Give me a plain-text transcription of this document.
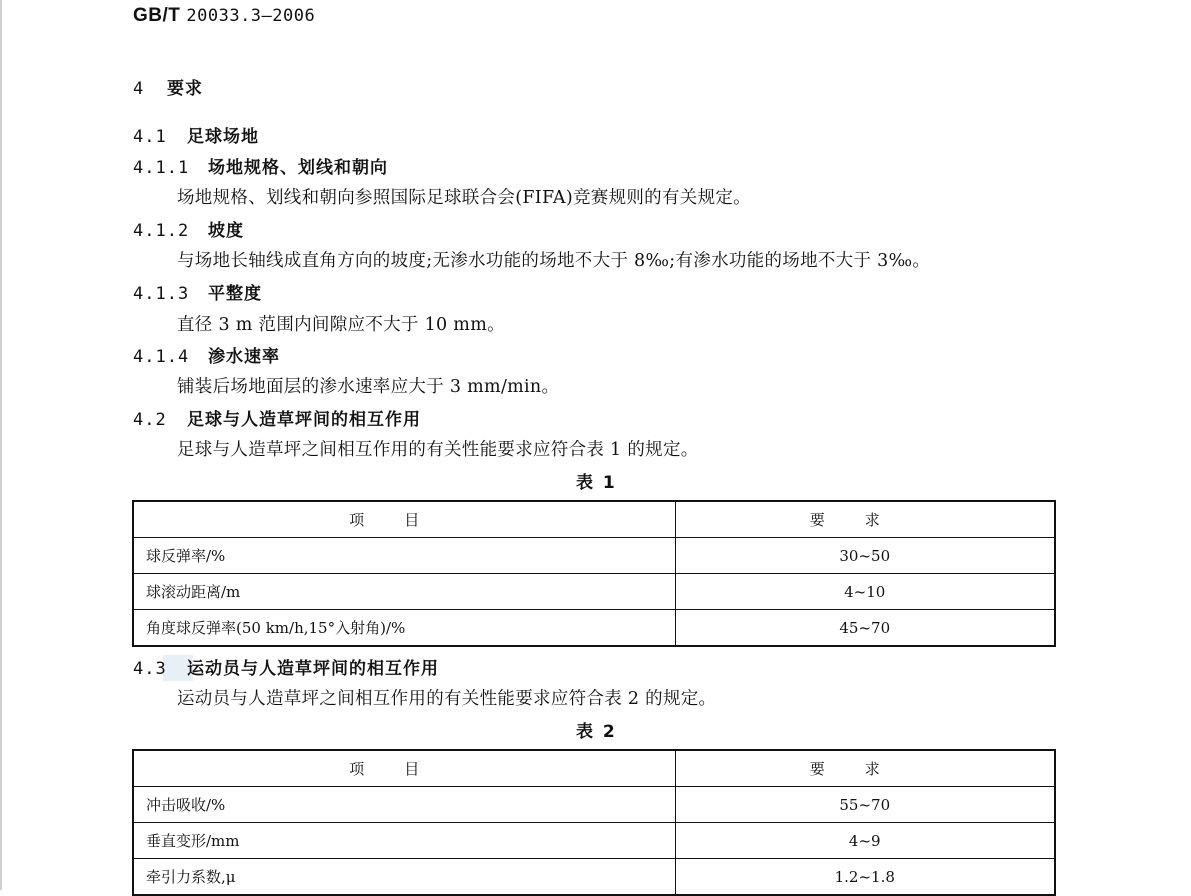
GB/T 20033.3—2006
4 要求
4.1 足球场地
4.1.1 场地规格、划线和朝向
场地规格、划线和朝向参照国际足球联合会(FIFA)竞赛规则的有关规定。
4.1.2 坡度
与场地长轴线成直角方向的坡度;无渗水功能的场地不大于 8‰;有渗水功能的场地不大于 3‰。
4.1.3 平整度
直径 3 m 范围内间隙应不大于 10 mm。
4.1.4 渗水速率
铺装后场地面层的渗水速率应大于 3 mm/min。
4.2 足球与人造草坪间的相互作用
足球与人造草坪之间相互作用的有关性能要求应符合表 1 的规定。
表 1
项目	要求
球反弹率/%	30~50
球滚动距离/m	4~10
角度球反弹率(50 km/h,15°入射角)/%	45~70
4.3 运动员与人造草坪间的相互作用
运动员与人造草坪之间相互作用的有关性能要求应符合表 2 的规定。
表 2
项目	要求
冲击吸收/%	55~70
垂直变形/mm	4~9
牵引力系数,μ	1.2~1.8
